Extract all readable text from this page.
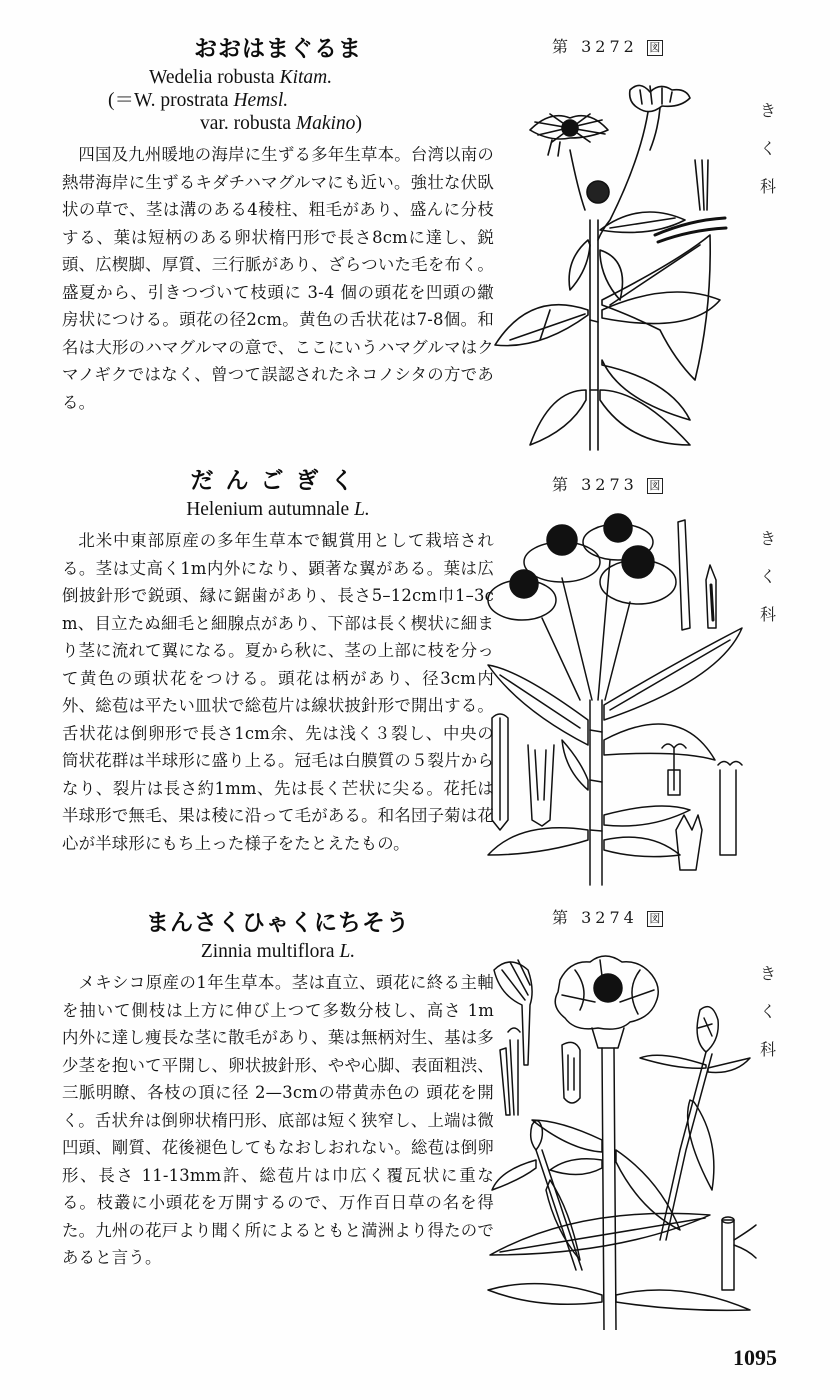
おおはまぐるま

Wedelia robusta Kitam.

(＝W. prostrata Hemsl.

var. robusta Makino)

四国及九州暖地の海岸に生ずる多年生草本。台湾以南の熱帯海岸に生ずるキダチハマグルマにも近い。強壮な伏臥状の草で、茎は溝のある4稜柱、粗毛があり、盛んに分枝する、葉は短柄のある卵状楕円形で長さ8cmに達し、鋭頭、広楔脚、厚質、三行脈があり、ざらついた毛を布く。盛夏から、引きつづいて枝頭に 3-4 個の頭花を凹頭の繖房状につける。頭花の径2cm。黄色の舌状花は7-8個。和名は大形のハマグルマの意で、ここにいうハマグルマはクマノギクではなく、曾つて誤認されたネコノシタの方である。

だんごぎく

Helenium autumnale L.

北米中東部原産の多年生草本で観賞用として栽培される。茎は丈高く1m内外になり、顕著な翼がある。葉は広倒披針形で鋭頭、縁に鋸歯があり、長さ5–12cm巾1–3cm、目立たぬ細毛と細腺点があり、下部は長く楔状に細まり茎に流れて翼になる。夏から秋に、茎の上部に枝を分って黄色の頭状花をつける。頭花は柄があり、径3cm内外、総苞は平たい皿状で総苞片は線状披針形で開出する。舌状花は倒卵形で長さ1cm余、先は浅く３裂し、中央の筒状花群は半球形に盛り上る。冠毛は白膜質の５裂片からなり、裂片は長さ約1mm、先は長く芒状に尖る。花托は半球形で無毛、果は稜に沿って毛がある。和名団子菊は花心が半球形にもち上った様子をたとえたもの。

まんさくひゃくにちそう

Zinnia multiflora L.

メキシコ原産の1年生草本。茎は直立、頭花に終る主軸を抽いて側枝は上方に伸び上つて多数分枝し、高さ 1m 内外に達し痩長な茎に散毛があり、葉は無柄対生、基は多少茎を抱いて平開し、卵状披針形、やや心脚、表面粗渋、三脈明瞭、各枝の頂に径 2—3cmの帯黄赤色の 頭花を開く。舌状弁は倒卵状楕円形、底部は短く狭窄し、上端は微凹頭、剛質、花後褪色してもなおしおれない。総苞は倒卵形、長さ 11-13mm許、総苞片は巾広く覆瓦状に重なる。枝叢に小頭花を万開するので、万作百日草の名を得た。九州の花戸より聞く所によるともと満洲より得たのであると言う。

第 3272 図
第 3273 図
第 3274 図
き
く
科
き
く
科
き
く
科
1095
